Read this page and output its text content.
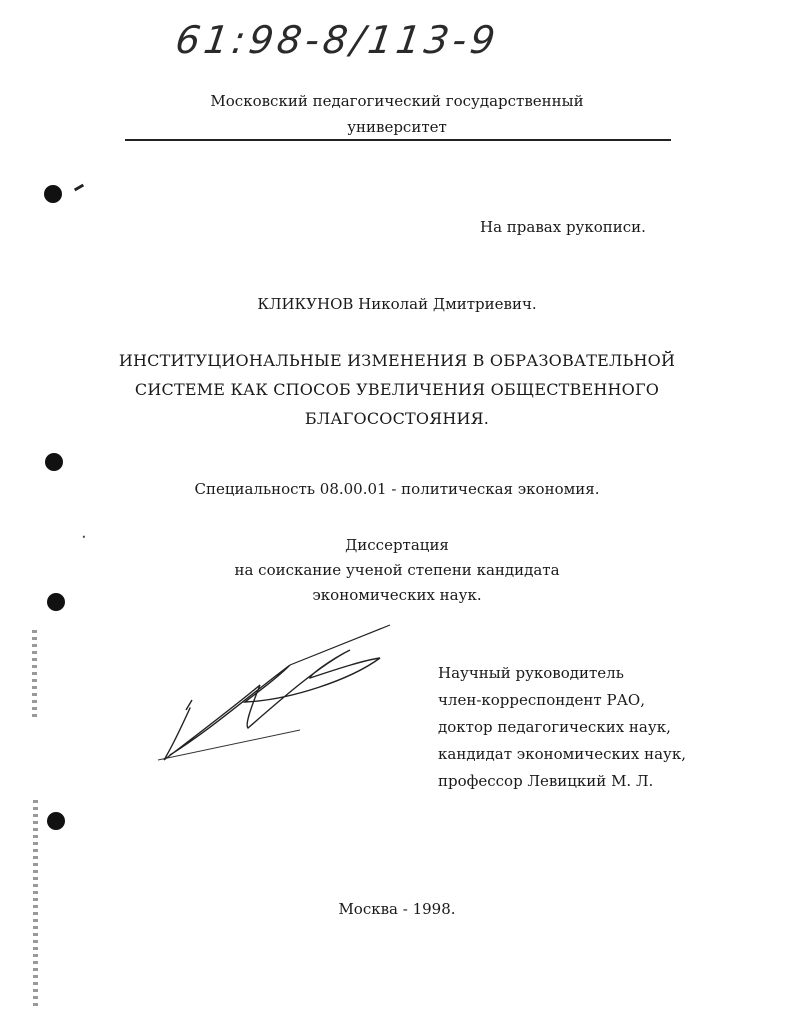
ꞏ
61:98-8/113-9
Московский педагогический государственный
университет
На правах рукописи.
КЛИКУНОВ Николай Дмитриевич.
ИНСТИТУЦИОНАЛЬНЫЕ ИЗМЕНЕНИЯ В ОБРАЗОВАТЕЛЬНОЙ
СИСТЕМЕ КАК СПОСОБ УВЕЛИЧЕНИЯ ОБЩЕСТВЕННОГО
БЛАГОСОСТОЯНИЯ.
Специальность 08.00.01 - политическая экономия.
Диссертация
на соискание ученой степени кандидата
экономических наук.
Научный руководитель
член-корреспондент РАО,
доктор педагогических наук,
кандидат экономических наук,
профессор Левицкий М. Л.
Москва - 1998.
